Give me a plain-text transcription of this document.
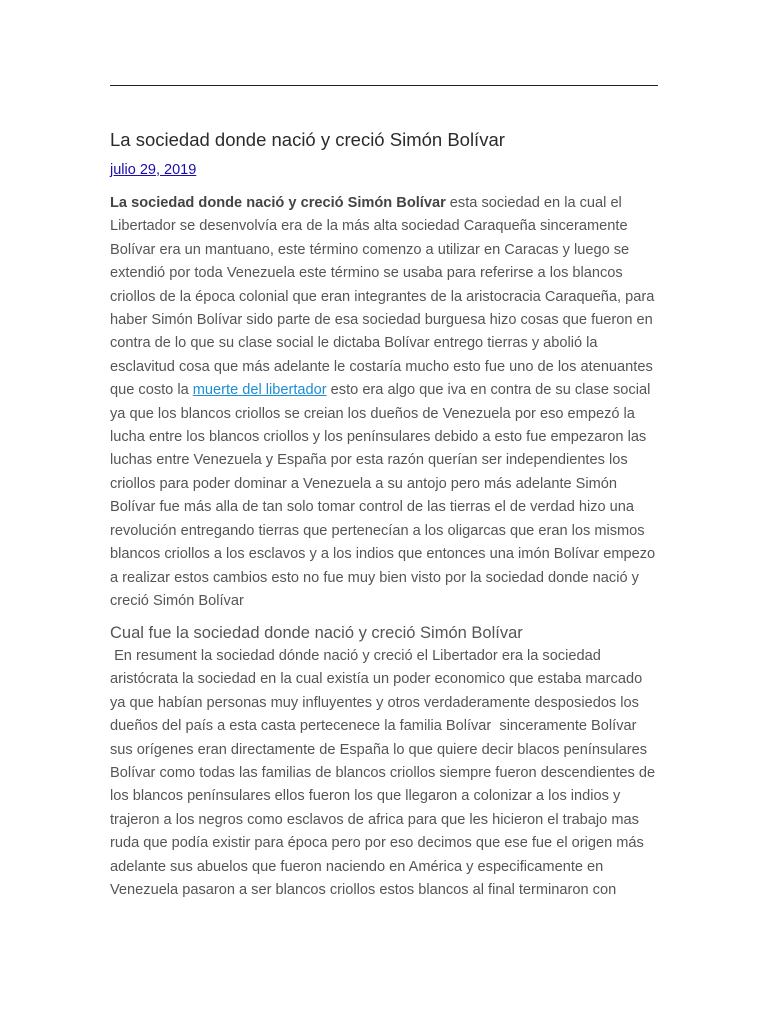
La sociedad donde nació y creció Simón Bolívar
julio 29, 2019

La sociedad donde nació y creció Simón Bolívar esta sociedad en la cual el Libertador se desenvolvía era de la más alta sociedad Caraqueña sinceramente Bolívar era un mantuano, este término comenzo a utilizar en Caracas y luego se extendió por toda Venezuela este término se usaba para referirse a los blancos criollos de la época colonial que eran integrantes de la aristocracia Caraqueña, para haber Simón Bolívar sido parte de esa sociedad burguesa hizo cosas que fueron en contra de lo que su clase social le dictaba Bolívar entrego tierras y abolió la esclavitud cosa que más adelante le costaría mucho esto fue uno de los atenuantes que costo la muerte del libertador esto era algo que iva en contra de su clase social ya que los blancos criollos se creian los dueños de Venezuela por eso empezó la lucha entre los blancos criollos y los penínsulares debido a esto fue empezaron las luchas entre Venezuela y España por esta razón querían ser independientes los criollos para poder dominar a Venezuela a su antojo pero más adelante Simón Bolívar fue más alla de tan solo tomar control de las tierras el de verdad hizo una revolución entregando tierras que pertenecían a los oligarcas que eran los mismos blancos criollos a los esclavos y a los indios que entonces una imón Bolívar empezo a realizar estos cambios esto no fue muy bien visto por la sociedad donde nació y creció Simón Bolívar

Cual fue la sociedad donde nació y creció Simón Bolívar

En resument la sociedad dónde nació y creció el Libertador era la sociedad aristócrata la sociedad en la cual existía un poder economico que estaba marcado ya que habían personas muy influyentes y otros verdaderamente desposiedos los dueños del país a esta casta pertecenece la familia Bolívar  sinceramente Bolívar sus orígenes eran directamente de España lo que quiere decir blacos penínsulares Bolívar como todas las familias de blancos criollos siempre fueron descendientes de los blancos penínsulares ellos fueron los que llegaron a colonizar a los indios y trajeron a los negros como esclavos de africa para que les hicieron el trabajo mas ruda que podía existir para época pero por eso decimos que ese fue el origen más adelante sus abuelos que fueron naciendo en América y especificamente en Venezuela pasaron a ser blancos criollos estos blancos al final terminaron con
